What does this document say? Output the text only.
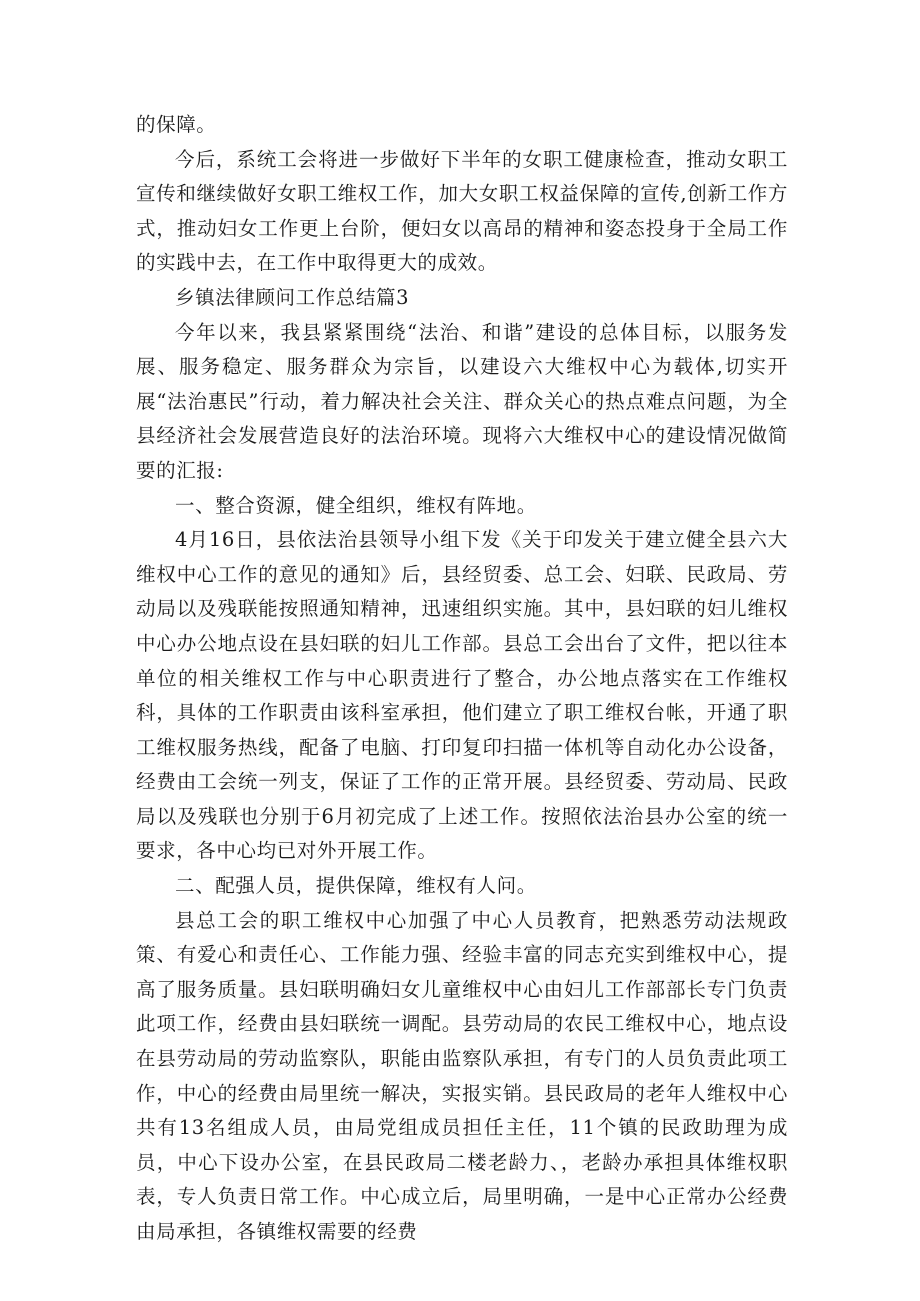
的保障。

今后，系统工会将进一步做好下半年的女职工健康检查，推动女职工宣传和继续做好女职工维权工作，加大女职工权益保障的宣传,创新工作方式，推动妇女工作更上台阶，便妇女以高昂的精神和姿态投身于全局工作的实践中去，在工作中取得更大的成效。

乡镇法律顾问工作总结篇3

今年以来，我县紧紧围绕“法治、和谐”建设的总体目标，以服务发展、服务稳定、服务群众为宗旨，以建设六大维权中心为载体,切实开展“法治惠民”行动，着力解决社会关注、群众关心的热点难点问题，为全县经济社会发展营造良好的法治环境。现将六大维权中心的建设情况做简要的汇报:

一、整合资源，健全组织，维权有阵地。

4月16日，县依法治县领导小组下发《关于印发关于建立健全县六大维权中心工作的意见的通知》后，县经贸委、总工会、妇联、民政局、劳动局以及残联能按照通知精神，迅速组织实施。其中，县妇联的妇儿维权中心办公地点设在县妇联的妇儿工作部。县总工会出台了文件，把以往本单位的相关维权工作与中心职责进行了整合，办公地点落实在工作维权科，具体的工作职责由该科室承担，他们建立了职工维权台帐，开通了职工维权服务热线，配备了电脑、打印复印扫描一体机等自动化办公设备，经费由工会统一列支，保证了工作的正常开展。县经贸委、劳动局、民政局以及残联也分别于6月初完成了上述工作。按照依法治县办公室的统一要求，各中心均已对外开展工作。

二、配强人员，提供保障，维权有人问。

县总工会的职工维权中心加强了中心人员教育，把熟悉劳动法规政策、有爱心和责任心、工作能力强、经验丰富的同志充实到维权中心，提高了服务质量。县妇联明确妇女儿童维权中心由妇儿工作部部长专门负责此项工作，经费由县妇联统一调配。县劳动局的农民工维权中心，地点设在县劳动局的劳动监察队，职能由监察队承担，有专门的人员负责此项工作，中心的经费由局里统一解决，实报实销。县民政局的老年人维权中心共有13名组成人员，由局党组成员担任主任，11个镇的民政助理为成员，中心下设办公室，在县民政局二楼老龄力、，老龄办承担具体维权职表，专人负责日常工作。中心成立后，局里明确，一是中心正常办公经费由局承担，各镇维权需要的经费
